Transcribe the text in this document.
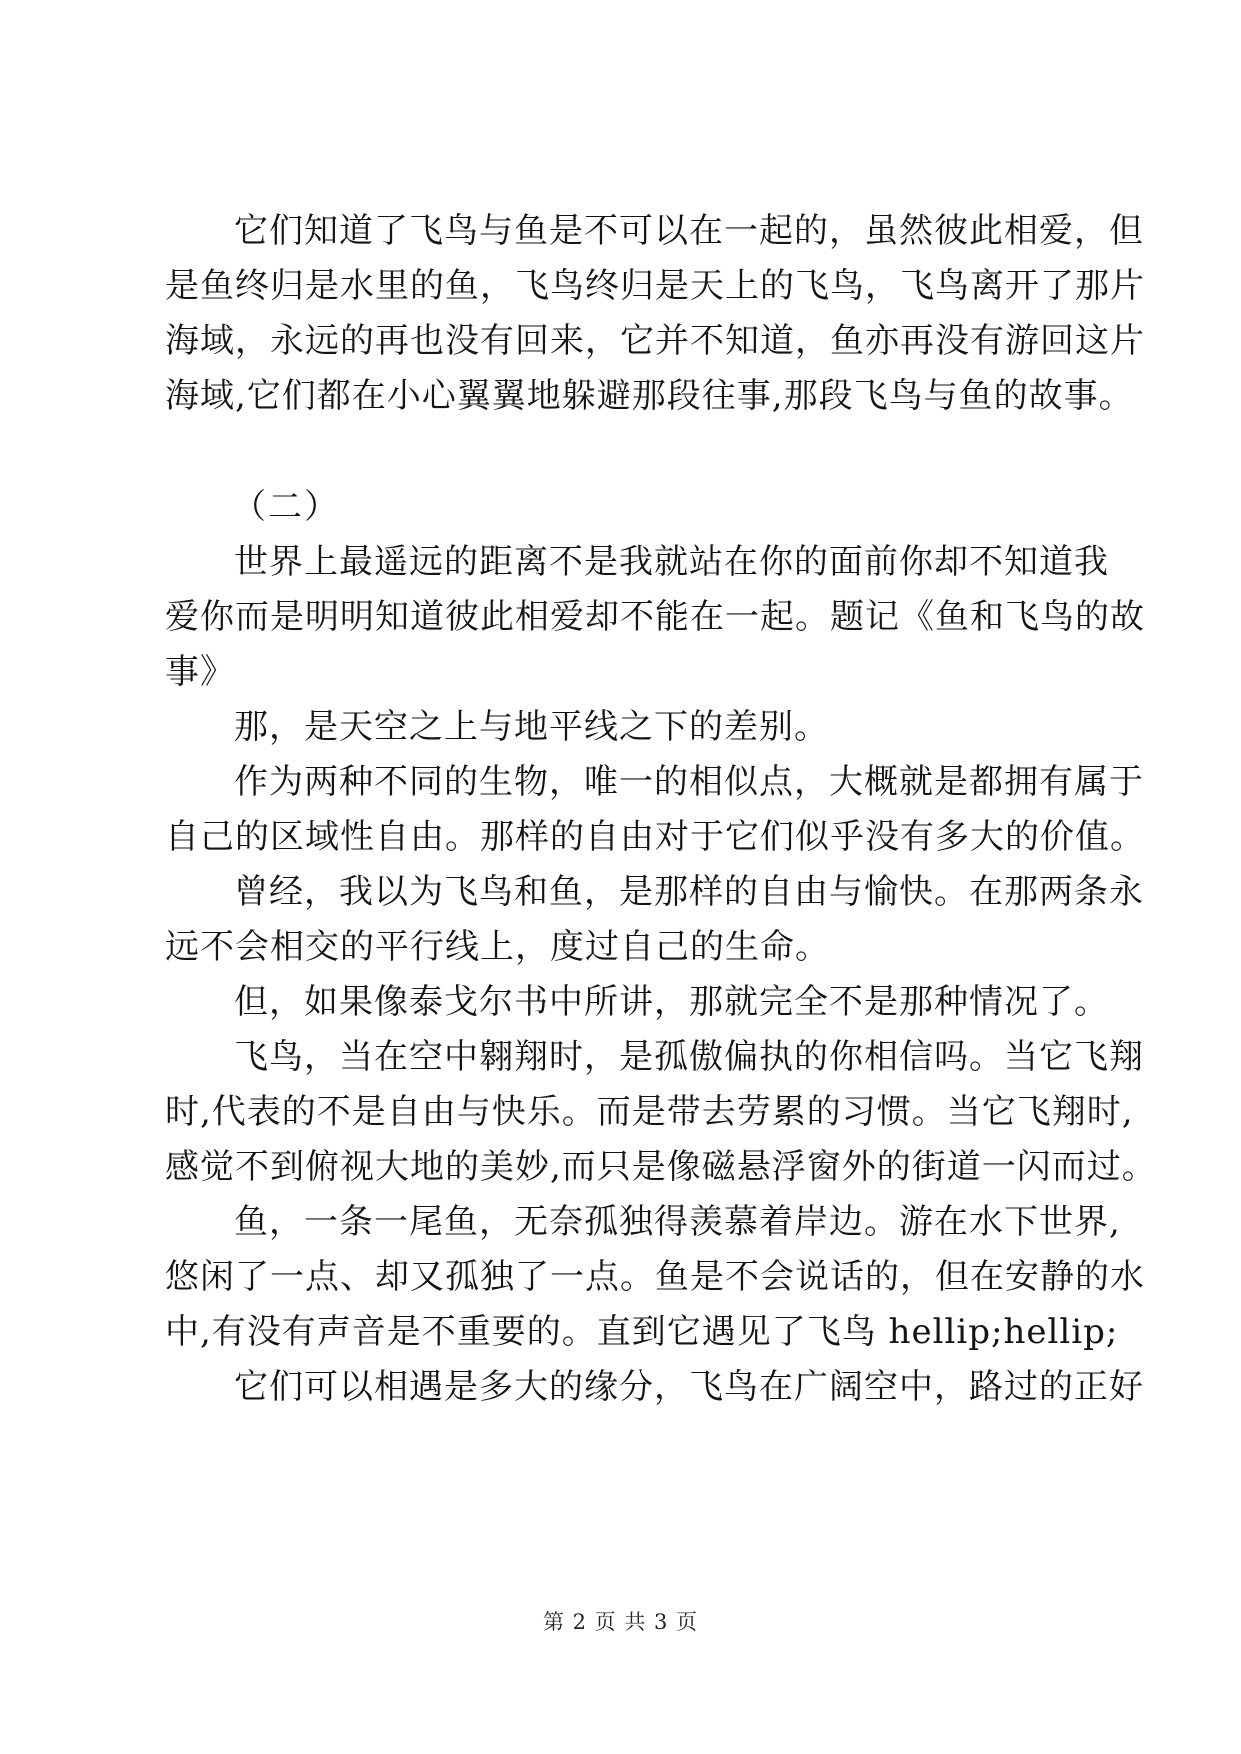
它们知道了飞鸟与鱼是不可以在一起的，虽然彼此相爱，但
是鱼终归是水里的鱼，飞鸟终归是天上的飞鸟，飞鸟离开了那片
海域，永远的再也没有回来，它并不知道，鱼亦再没有游回这片
海域,它们都在小心翼翼地躲避那段往事,那段飞鸟与鱼的故事。
（二）
世界上最遥远的距离不是我就站在你的面前你却不知道我
爱你而是明明知道彼此相爱却不能在一起。题记《鱼和飞鸟的故
事》
那，是天空之上与地平线之下的差别。
作为两种不同的生物，唯一的相似点，大概就是都拥有属于
自己的区域性自由。那样的自由对于它们似乎没有多大的价值。
曾经，我以为飞鸟和鱼，是那样的自由与愉快。在那两条永
远不会相交的平行线上，度过自己的生命。
但，如果像泰戈尔书中所讲，那就完全不是那种情况了。
飞鸟，当在空中翱翔时，是孤傲偏执的你相信吗。当它飞翔
时,代表的不是自由与快乐。而是带去劳累的习惯。当它飞翔时,
感觉不到俯视大地的美妙,而只是像磁悬浮窗外的街道一闪而过。
鱼，一条一尾鱼，无奈孤独得羡慕着岸边。游在水下世界,
悠闲了一点、却又孤独了一点。鱼是不会说话的，但在安静的水
中,有没有声音是不重要的。直到它遇见了飞鸟 hellip;hellip;
它们可以相遇是多大的缘分，飞鸟在广阔空中，路过的正好
第 2 页 共 3 页
